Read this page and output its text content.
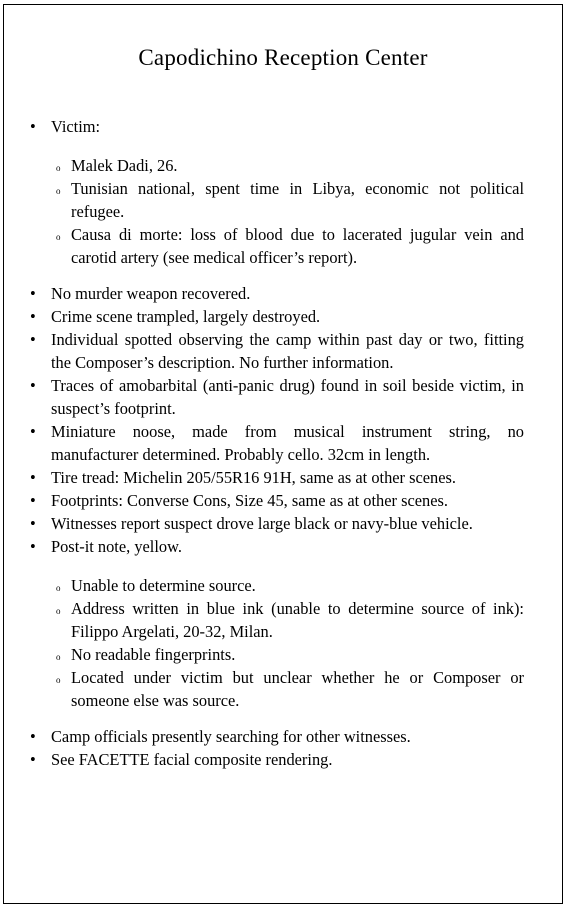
Capodichino Reception Center
• Victim:
o Malek Dadi, 26.
o Tunisian national, spent time in Libya, economic not political refugee.
o Causa di morte: loss of blood due to lacerated jugular vein and carotid artery (see medical officer’s report).
• No murder weapon recovered.
• Crime scene trampled, largely destroyed.
• Individual spotted observing the camp within past day or two, fitting the Composer’s description. No further information.
• Traces of amobarbital (anti-panic drug) found in soil beside victim, in suspect’s footprint.
• Miniature noose, made from musical instrument string, no manufacturer determined. Probably cello. 32cm in length.
• Tire tread: Michelin 205/55R16 91H, same as at other scenes.
• Footprints: Converse Cons, Size 45, same as at other scenes.
• Witnesses report suspect drove large black or navy-blue vehicle.
• Post-it note, yellow.
o Unable to determine source.
o Address written in blue ink (unable to determine source of ink): Filippo Argelati, 20-32, Milan.
o No readable fingerprints.
o Located under victim but unclear whether he or Composer or someone else was source.
• Camp officials presently searching for other witnesses.
• See FACETTE facial composite rendering.
